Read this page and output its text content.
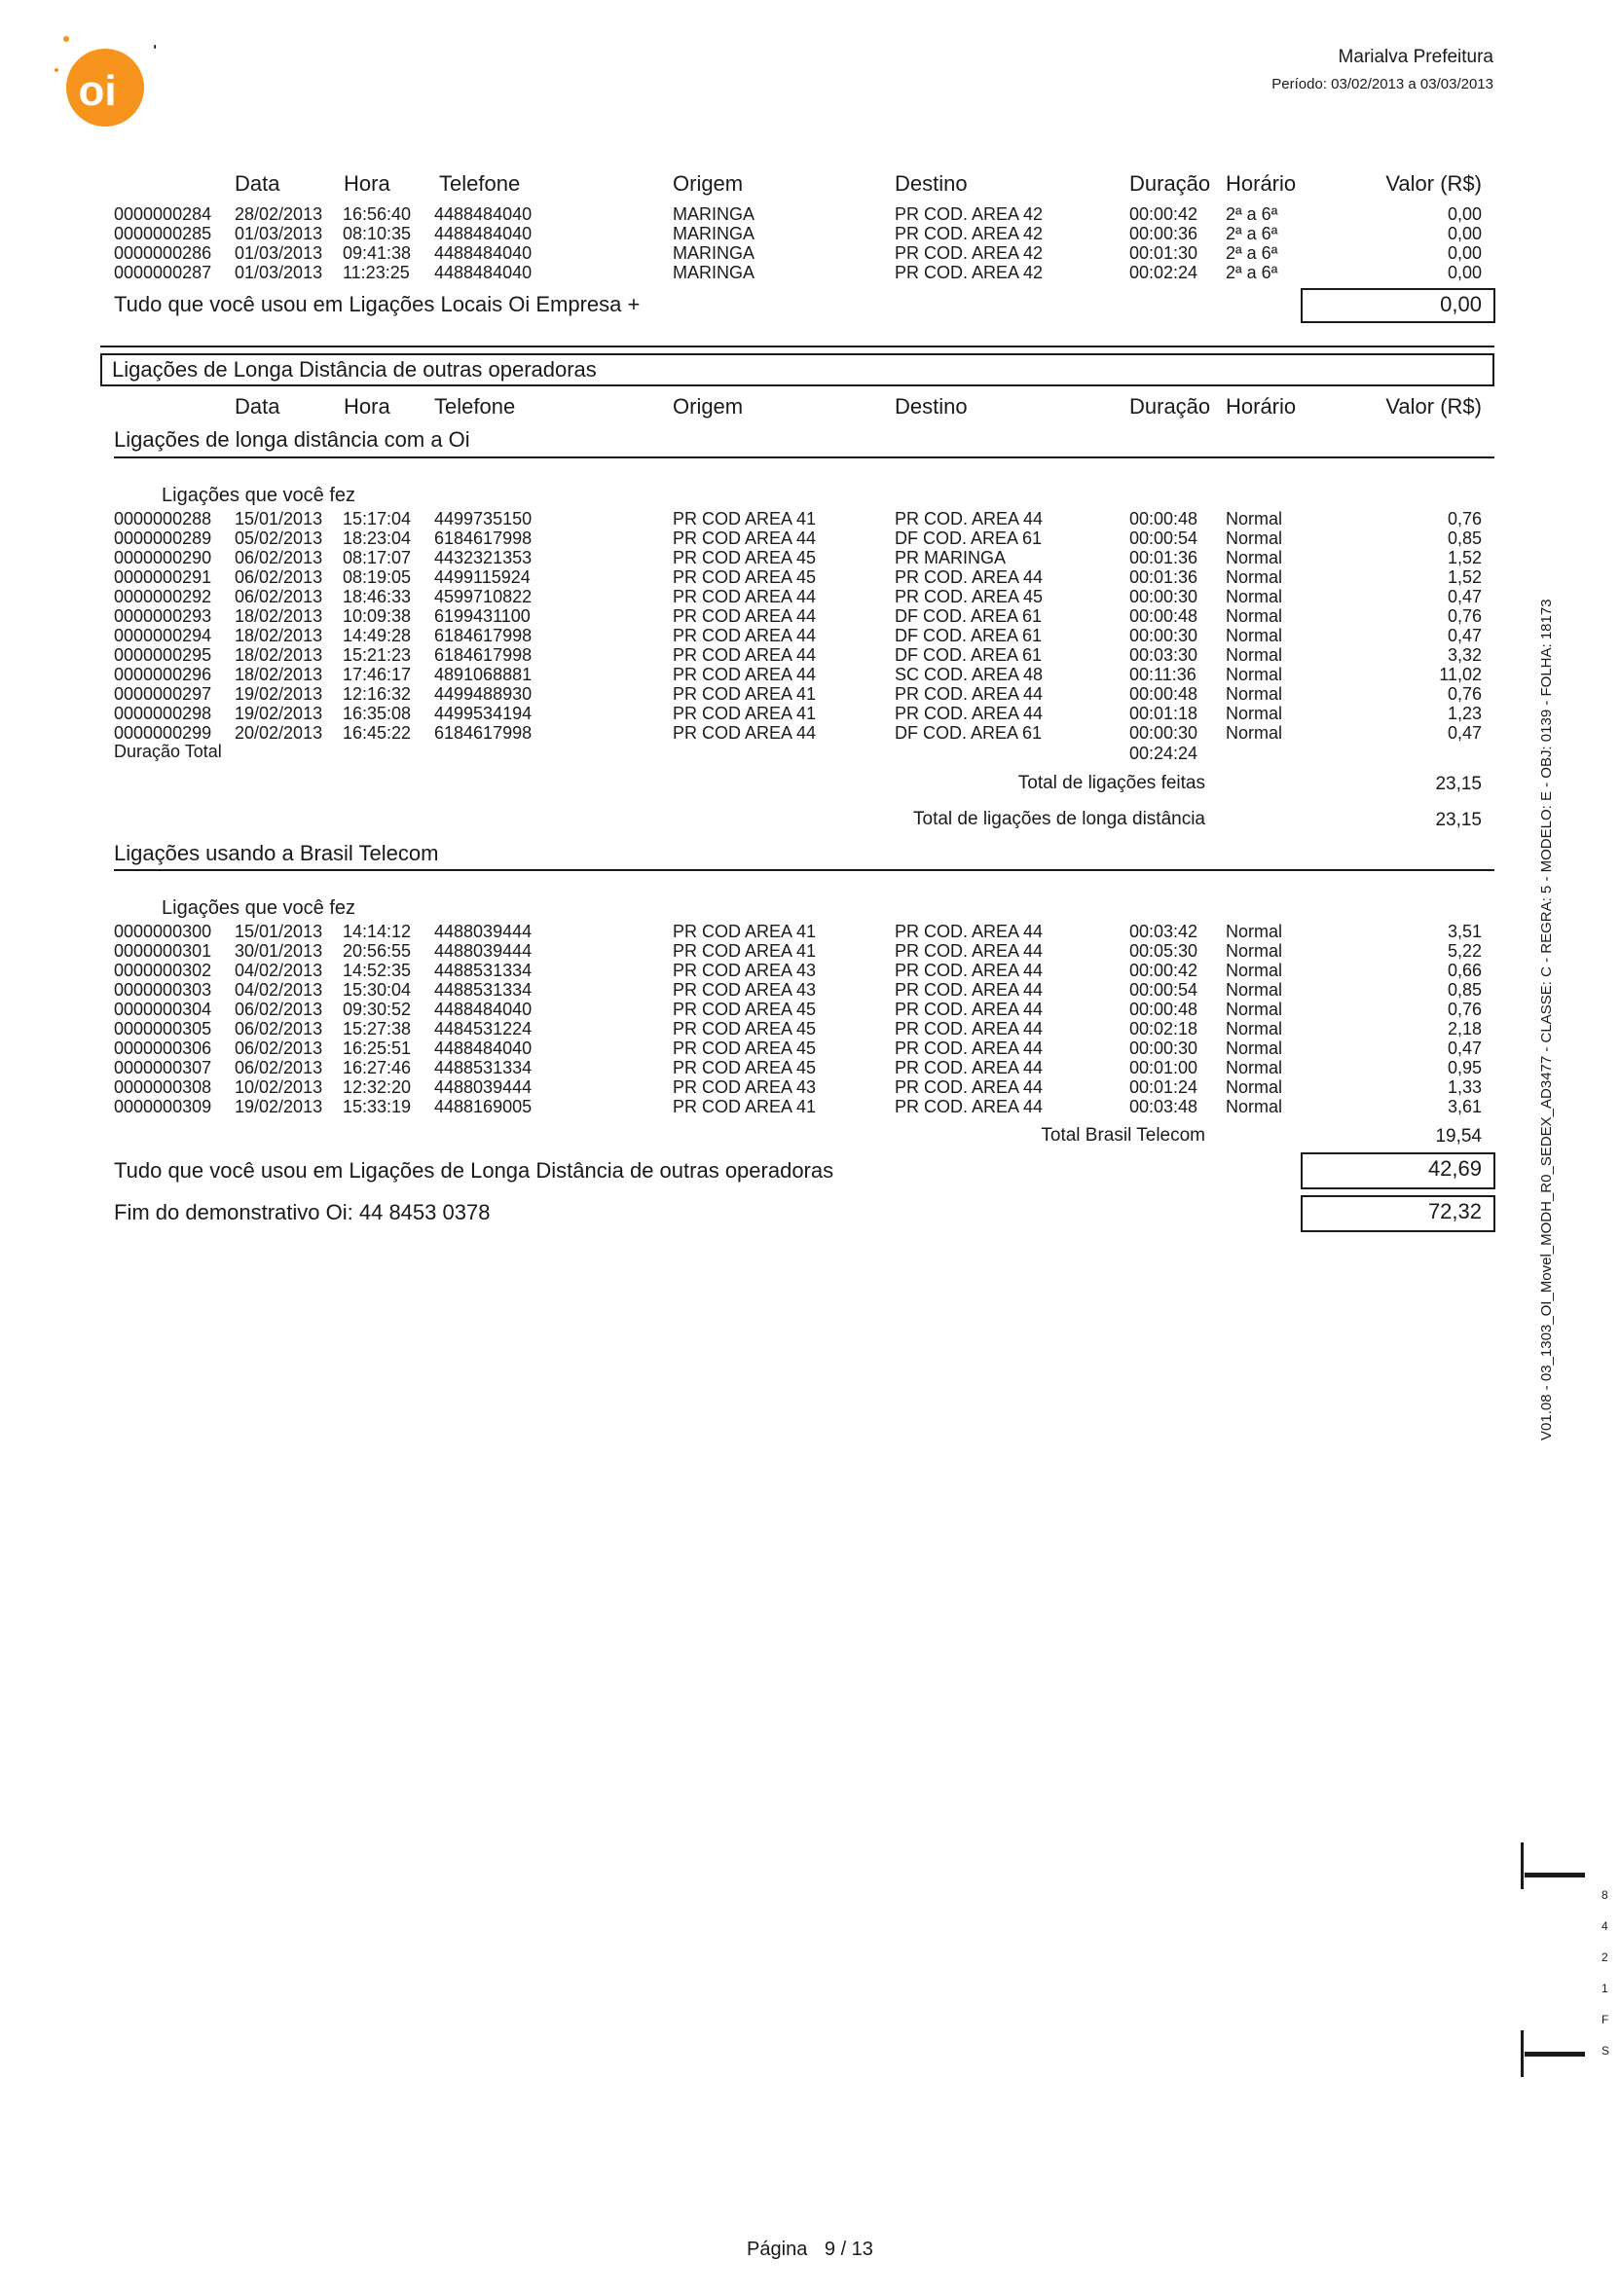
oi
Marialva Prefeitura
Período: 03/02/2013 a 03/03/2013
Data	Hora Telefone	Origem	Destino	Duração Horário	Valor (R$)
0000000284 28/02/2013 16:56:40 4488484040	MARINGA	PR COD. AREA 42	00:00:42 2ª a 6ª	0,00
0000000285 01/03/2013 08:10:35 4488484040	MARINGA	PR COD. AREA 42	00:00:36 2ª a 6ª	0,00
0000000286 01/03/2013 09:41:38 4488484040	MARINGA	PR COD. AREA 42	00:01:30 2ª a 6ª	0,00
0000000287 01/03/2013 11:23:25 4488484040	MARINGA	PR COD. AREA 42	00:02:24 2ª a 6ª	0,00
Tudo que você usou em Ligações Locais Oi Empresa +	0,00
Ligações de Longa Distância de outras operadoras
Data	Hora Telefone	Origem	Destino	Duração Horário	Valor (R$)
Ligações de longa distância com a Oi
Ligações que você fez
0000000288 15/01/2013 15:17:04 4499735150	PR COD AREA 41	PR COD. AREA 44	00:00:48 Normal	0,76
0000000289 05/02/2013 18:23:04 6184617998	PR COD AREA 44	DF COD. AREA 61	00:00:54 Normal	0,85
0000000290 06/02/2013 08:17:07 4432321353	PR COD AREA 45	PR MARINGA	00:01:36 Normal	1,52
0000000291 06/02/2013 08:19:05 4499115924	PR COD AREA 45	PR COD. AREA 44	00:01:36 Normal	1,52
0000000292 06/02/2013 18:46:33 4599710822	PR COD AREA 44	PR COD. AREA 45	00:00:30 Normal	0,47
0000000293 18/02/2013 10:09:38 6199431100	PR COD AREA 44	DF COD. AREA 61	00:00:48 Normal	0,76
0000000294 18/02/2013 14:49:28 6184617998	PR COD AREA 44	DF COD. AREA 61	00:00:30 Normal	0,47
0000000295 18/02/2013 15:21:23 6184617998	PR COD AREA 44	DF COD. AREA 61	00:03:30 Normal	3,32
0000000296 18/02/2013 17:46:17 4891068881	PR COD AREA 44	SC COD. AREA 48	00:11:36 Normal	11,02
0000000297 19/02/2013 12:16:32 4499488930	PR COD AREA 41	PR COD. AREA 44	00:00:48 Normal	0,76
0000000298 19/02/2013 16:35:08 4499534194	PR COD AREA 41	PR COD. AREA 44	00:01:18 Normal	1,23
0000000299 20/02/2013 16:45:22 6184617998	PR COD AREA 44	DF COD. AREA 61	00:00:30 Normal	0,47
Duração Total	00:24:24
Total de ligações feitas	23,15
Total de ligações de longa distância	23,15
Ligações usando a Brasil Telecom
Ligações que você fez
0000000300 15/01/2013 14:14:12 4488039444	PR COD AREA 41	PR COD. AREA 44	00:03:42 Normal	3,51
0000000301 30/01/2013 20:56:55 4488039444	PR COD AREA 41	PR COD. AREA 44	00:05:30 Normal	5,22
0000000302 04/02/2013 14:52:35 4488531334	PR COD AREA 43	PR COD. AREA 44	00:00:42 Normal	0,66
0000000303 04/02/2013 15:30:04 4488531334	PR COD AREA 43	PR COD. AREA 44	00:00:54 Normal	0,85
0000000304 06/02/2013 09:30:52 4488484040	PR COD AREA 45	PR COD. AREA 44	00:00:48 Normal	0,76
0000000305 06/02/2013 15:27:38 4484531224	PR COD AREA 45	PR COD. AREA 44	00:02:18 Normal	2,18
0000000306 06/02/2013 16:25:51 4488484040	PR COD AREA 45	PR COD. AREA 44	00:00:30 Normal	0,47
0000000307 06/02/2013 16:27:46 4488531334	PR COD AREA 45	PR COD. AREA 44	00:01:00 Normal	0,95
0000000308 10/02/2013 12:32:20 4488039444	PR COD AREA 43	PR COD. AREA 44	00:01:24 Normal	1,33
0000000309 19/02/2013 15:33:19 4488169005	PR COD AREA 41	PR COD. AREA 44	00:03:48 Normal	3,61
Total Brasil Telecom	19,54
Tudo que você usou em Ligações de Longa Distância de outras operadoras	42,69
Fim do demonstrativo Oi: 44 8453 0378	72,32	V01.08 - 03_1303_OI_Movel_MODH_R0_SEDEX_AD3477 - CLASSE: C - REGRA: 5 - MODELO: E - OBJ: 0139 - FOLHA: 18173
8
4
2
1
F
S
Página 9 / 13
